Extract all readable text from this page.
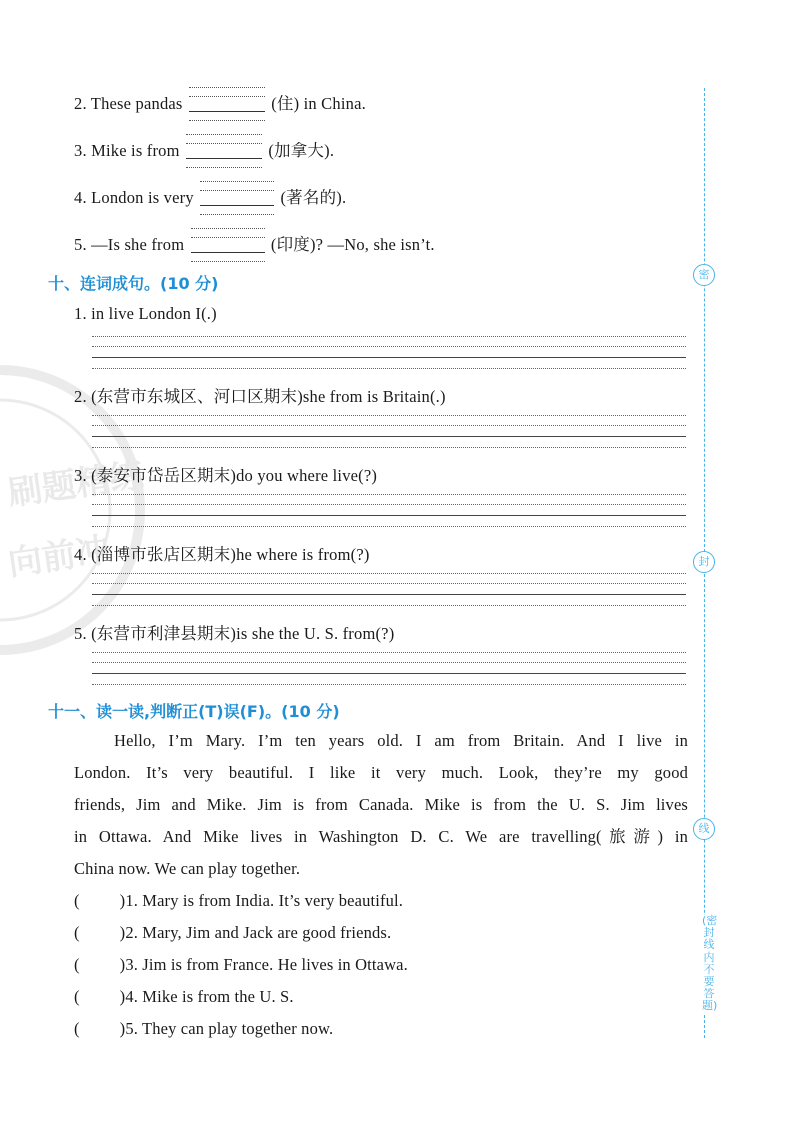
刷题精练
向前冲
2. These pandas	(住) in China.
3. Mike is from	(加拿大).
4. London is very	(著名的).
5. —Is she from	(印度)? —No, she isn’t.
十、连词成句。(10 分)
1. in live London I(.)
2. (东营市东城区、河口区期末)she from is Britain(.)
3. (泰安市岱岳区期末)do you where live(?)
4. (淄博市张店区期末)he where is from(?)
5. (东营市利津县期末)is she the U. S. from(?)
十一、读一读,判断正(T)误(F)。(10 分)
Hello, I’m Mary. I’m ten years old. I am from Britain. And I live in
London. It’s very beautiful. I like it very much. Look, they’re my good
friends, Jim and Mike. Jim is from Canada. Mike is from the U. S. Jim lives
in Ottawa. And Mike lives in Washington D. C. We are travelling(旅游) in
China now. We can play together.
( )1. Mary is from India. It’s very beautiful.
( )2. Mary, Jim and Jack are good friends.
( )3. Jim is from France. He lives in Ottawa.
( )4. Mike is from the U. S.
( )5. They can play together now.
密
封
线
(密封线内不要答题)
